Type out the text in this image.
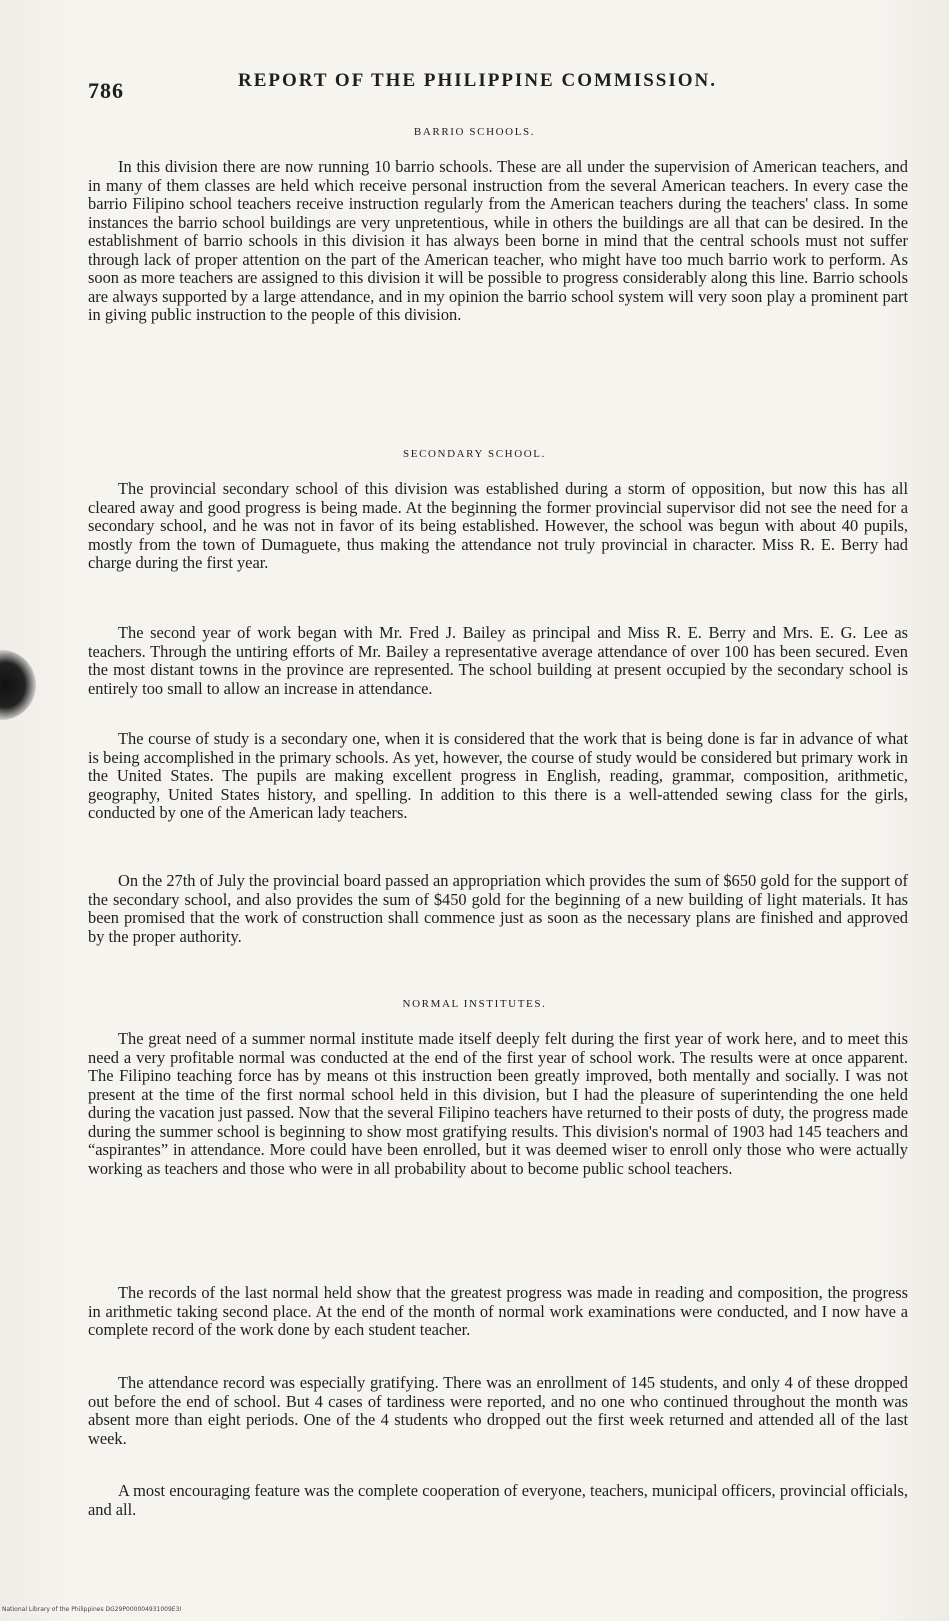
786	REPORT OF THE PHILIPPINE COMMISSION.
BARRIO SCHOOLS.

In this division there are now running 10 barrio schools. These are all under the supervision of American teachers, and in many of them classes are held which receive personal instruction from the several American teachers. In every case the barrio Filipino school teachers receive instruction regularly from the American teachers during the teachers' class. In some instances the barrio school buildings are very unpretentious, while in others the buildings are all that can be desired. In the establishment of barrio schools in this division it has always been borne in mind that the central schools must not suffer through lack of proper attention on the part of the American teacher, who might have too much barrio work to perform. As soon as more teachers are assigned to this division it will be possible to progress considerably along this line. Barrio schools are always supported by a large attendance, and in my opinion the barrio school system will very soon play a prominent part in giving public instruction to the people of this division.

SECONDARY SCHOOL.

The provincial secondary school of this division was established during a storm of opposition, but now this has all cleared away and good progress is being made. At the beginning the former provincial supervisor did not see the need for a secondary school, and he was not in favor of its being established. However, the school was begun with about 40 pupils, mostly from the town of Dumaguete, thus making the attendance not truly provincial in character. Miss R. E. Berry had charge during the first year.

The second year of work began with Mr. Fred J. Bailey as principal and Miss R. E. Berry and Mrs. E. G. Lee as teachers. Through the untiring efforts of Mr. Bailey a representative average attendance of over 100 has been secured. Even the most distant towns in the province are represented. The school building at present occupied by the secondary school is entirely too small to allow an increase in attendance.

The course of study is a secondary one, when it is considered that the work that is being done is far in advance of what is being accomplished in the primary schools. As yet, however, the course of study would be considered but primary work in the United States. The pupils are making excellent progress in English, reading, grammar, composition, arithmetic, geography, United States history, and spelling. In addition to this there is a well-attended sewing class for the girls, conducted by one of the American lady teachers.

On the 27th of July the provincial board passed an appropriation which provides the sum of $650 gold for the support of the secondary school, and also provides the sum of $450 gold for the beginning of a new building of light materials. It has been promised that the work of construction shall commence just as soon as the necessary plans are finished and approved by the proper authority.

NORMAL INSTITUTES.

The great need of a summer normal institute made itself deeply felt during the first year of work here, and to meet this need a very profitable normal was conducted at the end of the first year of school work. The results were at once apparent. The Filipino teaching force has by means ot this instruction been greatly improved, both mentally and socially. I was not present at the time of the first normal school held in this division, but I had the pleasure of superintending the one held during the vacation just passed. Now that the several Filipino teachers have returned to their posts of duty, the progress made during the summer school is beginning to show most gratifying results. This division's normal of 1903 had 145 teachers and “aspirantes” in attendance. More could have been enrolled, but it was deemed wiser to enroll only those who were actually working as teachers and those who were in all probability about to become public school teachers.

The records of the last normal held show that the greatest progress was made in reading and composition, the progress in arithmetic taking second place. At the end of the month of normal work examinations were conducted, and I now have a complete record of the work done by each student teacher.

The attendance record was especially gratifying. There was an enrollment of 145 students, and only 4 of these dropped out before the end of school. But 4 cases of tardiness were reported, and no one who continued throughout the month was absent more than eight periods. One of the 4 students who dropped out the first week returned and attended all of the last week.

A most encouraging feature was the complete cooperation of everyone, teachers, municipal officers, provincial officials, and all.

National Library of the Philippines DG29P000004931009E3I
